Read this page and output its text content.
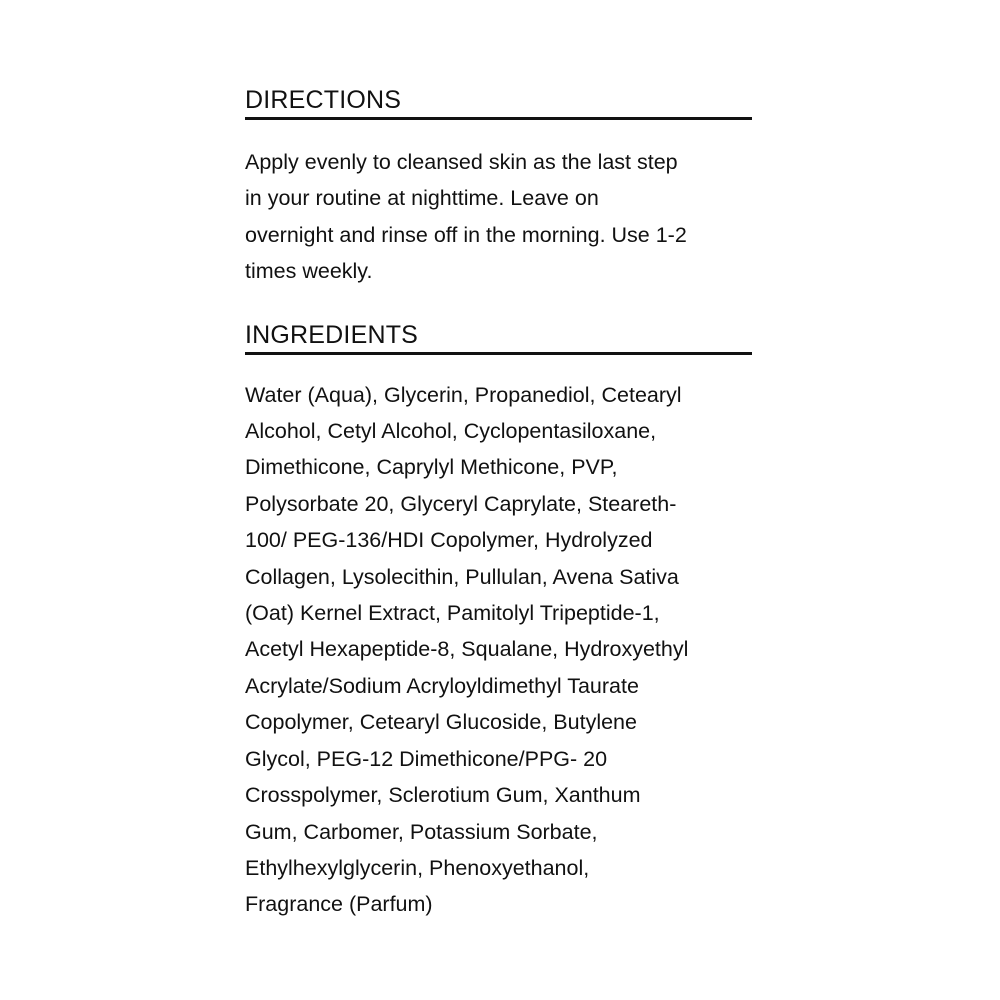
DIRECTIONS

Apply evenly to cleansed skin as the last step
in your routine at nighttime. Leave on
overnight and rinse off in the morning. Use 1-2
times weekly.

INGREDIENTS

Water (Aqua), Glycerin, Propanediol, Cetearyl
Alcohol, Cetyl Alcohol, Cyclopentasiloxane,
Dimethicone, Caprylyl Methicone, PVP,
Polysorbate 20, Glyceryl Caprylate, Steareth-
100/ PEG-136/HDI Copolymer, Hydrolyzed
Collagen, Lysolecithin, Pullulan, Avena Sativa
(Oat) Kernel Extract, Pamitolyl Tripeptide-1,
Acetyl Hexapeptide-8, Squalane, Hydroxyethyl
Acrylate/Sodium Acryloyldimethyl Taurate
Copolymer, Cetearyl Glucoside, Butylene
Glycol, PEG-12 Dimethicone/PPG- 20
Crosspolymer, Sclerotium Gum, Xanthum
Gum, Carbomer, Potassium Sorbate,
Ethylhexylglycerin, Phenoxyethanol,
Fragrance (Parfum)
